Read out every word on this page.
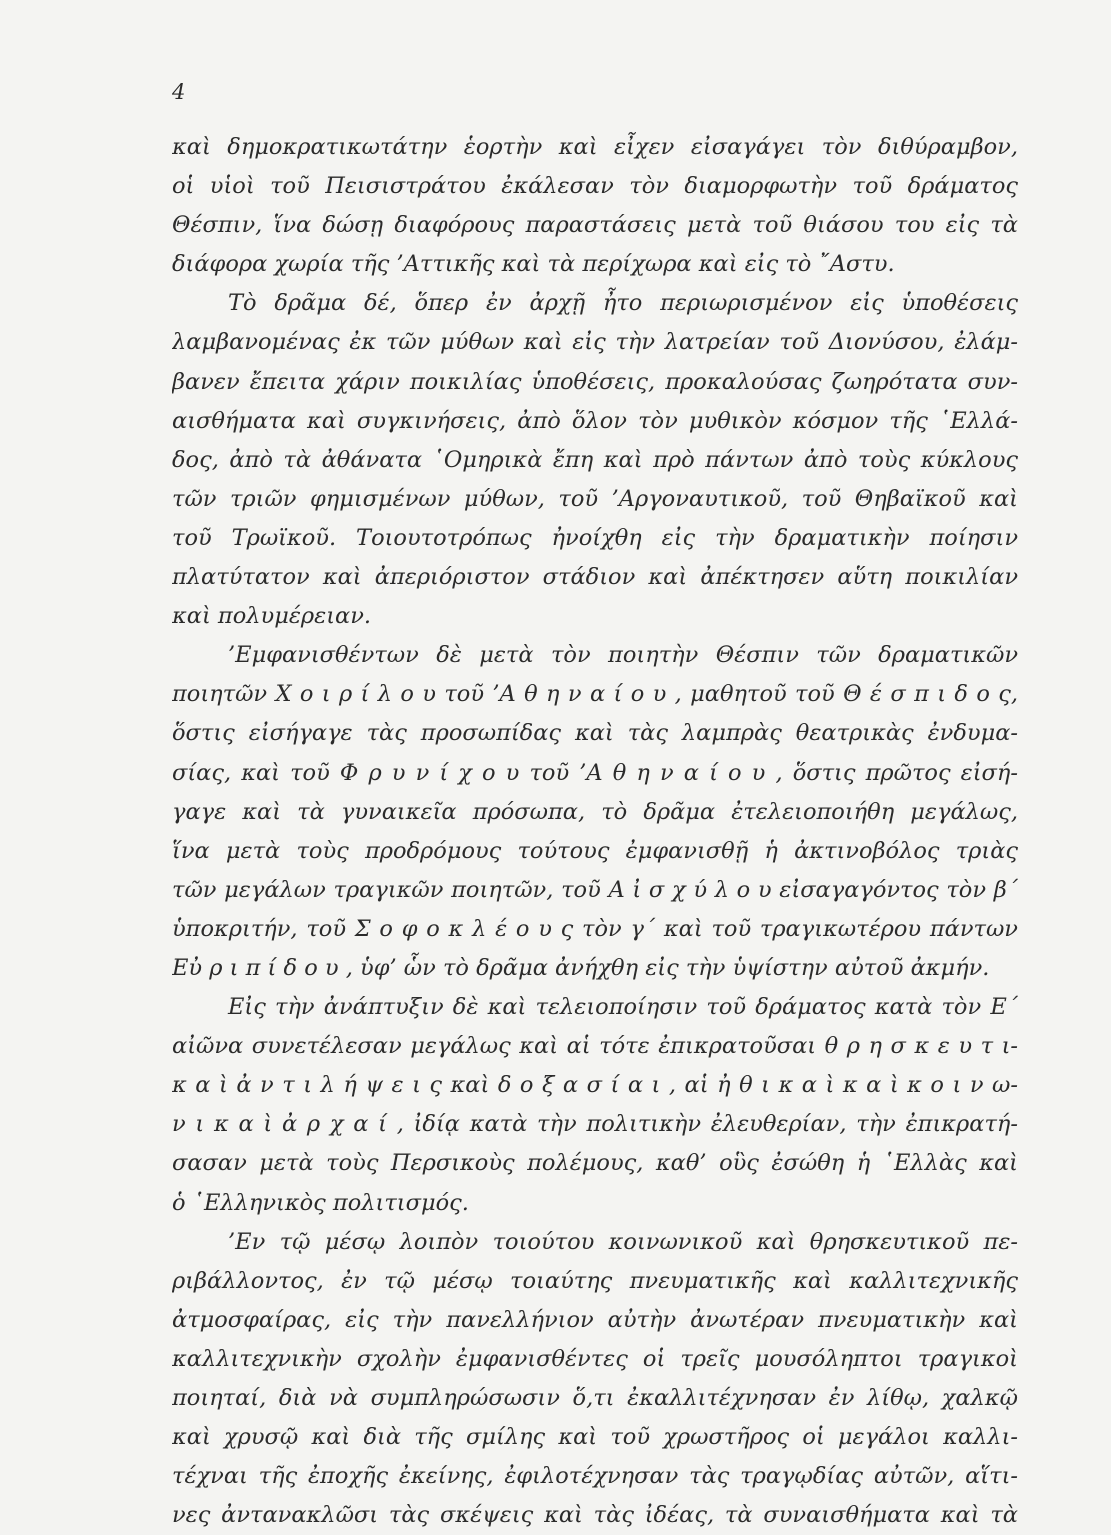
4
καὶ δημοκρατικωτάτην ἑορτὴν καὶ εἶχεν εἰσαγάγει τὸν διθύραμβον,
οἱ υἱοὶ τοῦ Πεισιστράτου ἐκάλεσαν τὸν διαμορφωτὴν τοῦ δράματος
Θέσπιν, ἵνα δώσῃ διαφόρους παραστάσεις μετὰ τοῦ θιάσου του εἰς τὰ
διάφορα χωρία τῆς ’Αττικῆς καὶ τὰ περίχωρα καὶ εἰς τὸ ῎Αστυ.
Τὸ δρᾶμα δέ, ὅπερ ἐν ἀρχῇ ἦτο περιωρισμένον εἰς ὑποθέσεις
λαμβανομένας ἐκ τῶν μύθων καὶ εἰς τὴν λατρείαν τοῦ Διονύσου, ἐλάμ-
βανεν ἔπειτα χάριν ποικιλίας ὑποθέσεις, προκαλούσας ζωηρότατα συν-
αισθήματα καὶ συγκινήσεις, ἀπὸ ὅλον τὸν μυθικὸν κόσμον τῆς ῾Ελλά-
δος, ἀπὸ τὰ ἀθάνατα ῾Ομηρικὰ ἔπη καὶ πρὸ πάντων ἀπὸ τοὺς κύκλους
τῶν τριῶν φημισμένων μύθων, τοῦ ’Αργοναυτικοῦ, τοῦ Θηβαϊκοῦ καὶ
τοῦ Τρωϊκοῦ. Τοιουτοτρόπως ἠνοίχθη εἰς τὴν δραματικὴν ποίησιν
πλατύτατον καὶ ἀπεριόριστον στάδιον καὶ ἀπέκτησεν αὕτη ποικιλίαν
καὶ πολυμέρειαν.
’Εμφανισθέντων δὲ μετὰ τὸν ποιητὴν Θέσπιν τῶν δραματικῶν
ποιητῶν Χ ο ι ρ ί λ ο υ τοῦ ’Α θ η ν α ί ο υ , μαθητοῦ τοῦ Θ έ σ π ι δ ο ς,
ὅστις εἰσήγαγε τὰς προσωπίδας καὶ τὰς λαμπρὰς θεατρικὰς ἐνδυμα-
σίας, καὶ τοῦ Φ ρ υ ν ί χ ο υ τοῦ ’Α θ η ν α ί ο υ , ὅστις πρῶτος εἰσή-
γαγε καὶ τὰ γυναικεῖα πρόσωπα, τὸ δρᾶμα ἐτελειοποιήθη μεγάλως,
ἵνα μετὰ τοὺς προδρόμους τούτους ἐμφανισθῇ ἡ ἀκτινοβόλος τριὰς
τῶν μεγάλων τραγικῶν ποιητῶν, τοῦ Α ἰ σ χ ύ λ ο υ εἰσαγαγόντος τὸν β΄
ὑποκριτήν, τοῦ Σ ο φ ο κ λ έ ο υ ς τὸν γ΄ καὶ τοῦ τραγικωτέρου πάντων
Εὐ ρ ι π ί δ ο υ , ὑφ’ ὧν τὸ δρᾶμα ἀνήχθη εἰς τὴν ὑψίστην αὐτοῦ ἀκμήν.
Εἰς τὴν ἀνάπτυξιν δὲ καὶ τελειοποίησιν τοῦ δράματος κατὰ τὸν Ε΄
αἰῶνα συνετέλεσαν μεγάλως καὶ αἱ τότε ἐπικρατοῦσαι θ ρ η σ κ ε υ τ ι-
κ α ὶ ἀ ν τ ι λ ή ψ ε ι ς καὶ δ ο ξ α σ ί α ι , αἱ ἠ θ ι κ α ὶ κ α ὶ κ ο ι ν ω-
ν ι κ α ὶ ἀ ρ χ α ί , ἰδίᾳ κατὰ τὴν πολιτικὴν ἐλευθερίαν, τὴν ἐπικρατή-
σασαν μετὰ τοὺς Περσικοὺς πολέμους, καθ’ οὓς ἐσώθη ἡ ῾Ελλὰς καὶ
ὁ ῾Ελληνικὸς πολιτισμός.
’Εν τῷ μέσῳ λοιπὸν τοιούτου κοινωνικοῦ καὶ θρησκευτικοῦ πε-
ριβάλλοντος, ἐν τῷ μέσῳ τοιαύτης πνευματικῆς καὶ καλλιτεχνικῆς
ἀτμοσφαίρας, εἰς τὴν πανελλήνιον αὐτὴν ἀνωτέραν πνευματικὴν καὶ
καλλιτεχνικὴν σχολὴν ἐμφανισθέντες οἱ τρεῖς μουσόληπτοι τραγικοὶ
ποιηταί, διὰ νὰ συμπληρώσωσιν ὅ,τι ἐκαλλιτέχνησαν ἐν λίθῳ, χαλκῷ
καὶ χρυσῷ καὶ διὰ τῆς σμίλης καὶ τοῦ χρωστῆρος οἱ μεγάλοι καλλι-
τέχναι τῆς ἐποχῆς ἐκείνης, ἐφιλοτέχνησαν τὰς τραγῳδίας αὐτῶν, αἵτι-
νες ἀντανακλῶσι τὰς σκέψεις καὶ τὰς ἰδέας, τὰ συναισθήματα καὶ τὰ
